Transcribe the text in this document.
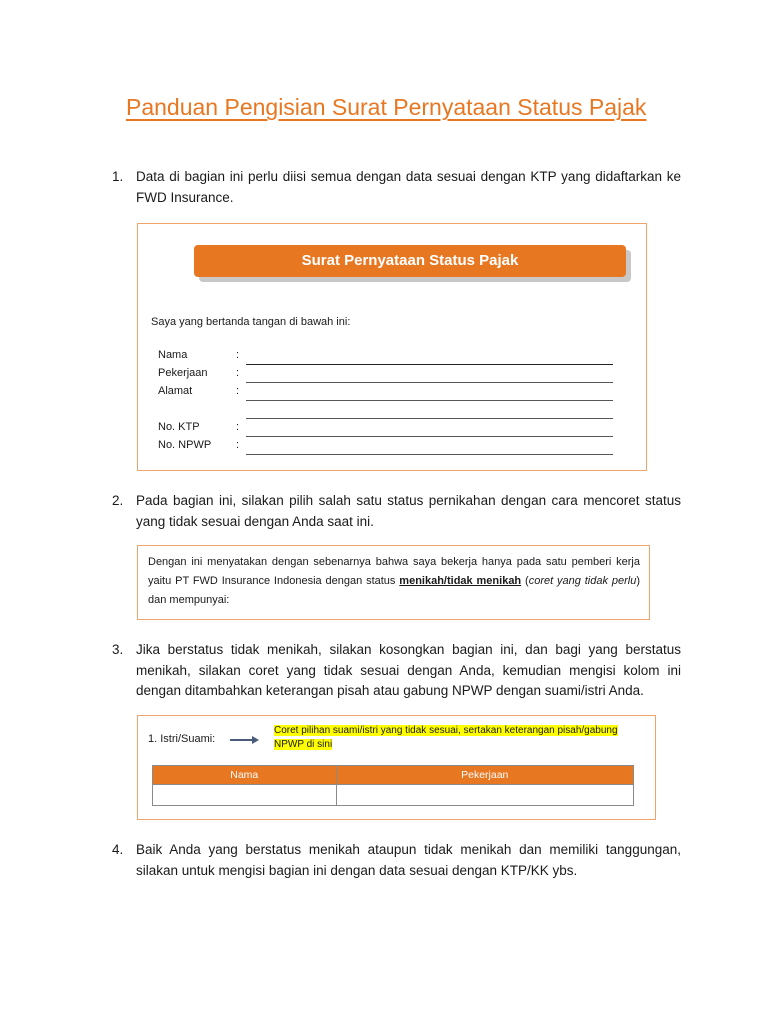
Panduan Pengisian Surat Pernyataan Status Pajak
1. Data di bagian ini perlu diisi semua dengan data sesuai dengan KTP yang didaftarkan ke FWD Insurance.
Surat Pernyataan Status Pajak
Saya yang bertanda tangan di bawah ini:
Nama	:
Pekerjaan	:
Alamat	:
No. KTP	:
No. NPWP :
2. Pada bagian ini, silakan pilih salah satu status pernikahan dengan cara mencoret status yang tidak sesuai dengan Anda saat ini.
Dengan ini menyatakan dengan sebenarnya bahwa saya bekerja hanya pada satu pemberi kerja yaitu PT FWD Insurance Indonesia dengan status menikah/tidak menikah (coret yang tidak perlu) dan mempunyai:
3. Jika berstatus tidak menikah, silakan kosongkan bagian ini, dan bagi yang berstatus menikah, silakan coret yang tidak sesuai dengan Anda, kemudian mengisi kolom ini dengan ditambahkan keterangan pisah atau gabung NPWP dengan suami/istri Anda.
1. Istri/Suami:
Coret pilihan suami/istri yang tidak sesuai, sertakan keterangan pisah/gabung NPWP di sini
Nama	Pekerjaan

4. Baik Anda yang berstatus menikah ataupun tidak menikah dan memiliki tanggungan, silakan untuk mengisi bagian ini dengan data sesuai dengan KTP/KK ybs.
